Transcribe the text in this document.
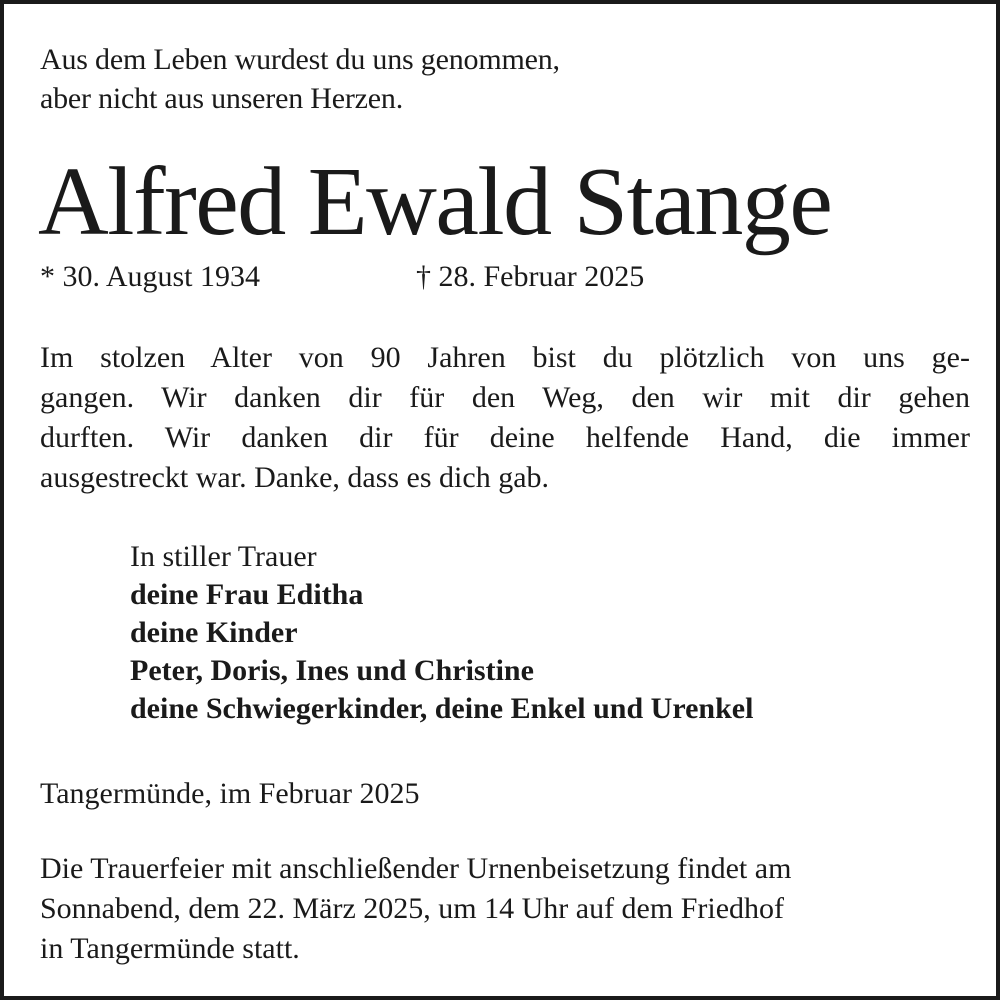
Aus dem Leben wurdest du uns genommen,
aber nicht aus unseren Herzen.
Alfred Ewald Stange
* 30. August 1934	† 28. Februar 2025
Im stolzen Alter von 90 Jahren bist du plötzlich von uns ge-
gangen. Wir danken dir für den Weg, den wir mit dir gehen
durften. Wir danken dir für deine helfende Hand, die immer
ausgestreckt war. Danke, dass es dich gab.
In stiller Trauer
deine Frau Editha
deine Kinder
Peter, Doris, Ines und Christine
deine Schwiegerkinder, deine Enkel und Urenkel
Tangermünde, im Februar 2025
Die Trauerfeier mit anschließender Urnenbeisetzung findet am
Sonnabend, dem 22. März 2025, um 14 Uhr auf dem Friedhof
in Tangermünde statt.
